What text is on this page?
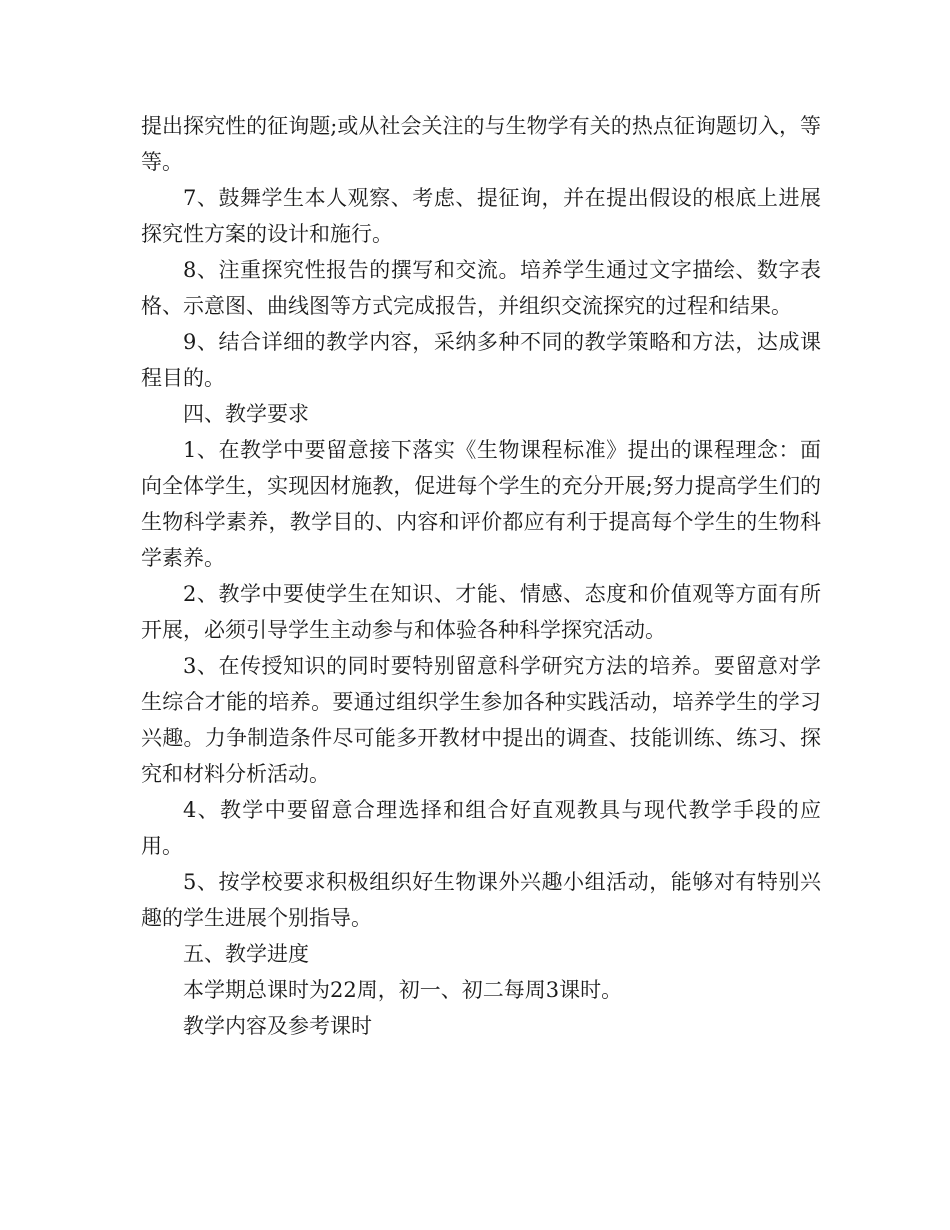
提出探究性的征询题;或从社会关注的与生物学有关的热点征询题切入，等等。

7、鼓舞学生本人观察、考虑、提征询，并在提出假设的根底上进展探究性方案的设计和施行。

8、注重探究性报告的撰写和交流。培养学生通过文字描绘、数字表格、示意图、曲线图等方式完成报告，并组织交流探究的过程和结果。

9、结合详细的教学内容，采纳多种不同的教学策略和方法，达成课程目的。

四、教学要求

1、在教学中要留意接下落实《生物课程标准》提出的课程理念：面向全体学生，实现因材施教，促进每个学生的充分开展;努力提高学生们的生物科学素养，教学目的、内容和评价都应有利于提高每个学生的生物科学素养。

2、教学中要使学生在知识、才能、情感、态度和价值观等方面有所开展，必须引导学生主动参与和体验各种科学探究活动。

3、在传授知识的同时要特别留意科学研究方法的培养。要留意对学生综合才能的培养。要通过组织学生参加各种实践活动，培养学生的学习兴趣。力争制造条件尽可能多开教材中提出的调查、技能训练、练习、探究和材料分析活动。

4、教学中要留意合理选择和组合好直观教具与现代教学手段的应用。

5、按学校要求积极组织好生物课外兴趣小组活动，能够对有特别兴趣的学生进展个别指导。

五、教学进度

本学期总课时为22周，初一、初二每周3课时。

教学内容及参考课时
